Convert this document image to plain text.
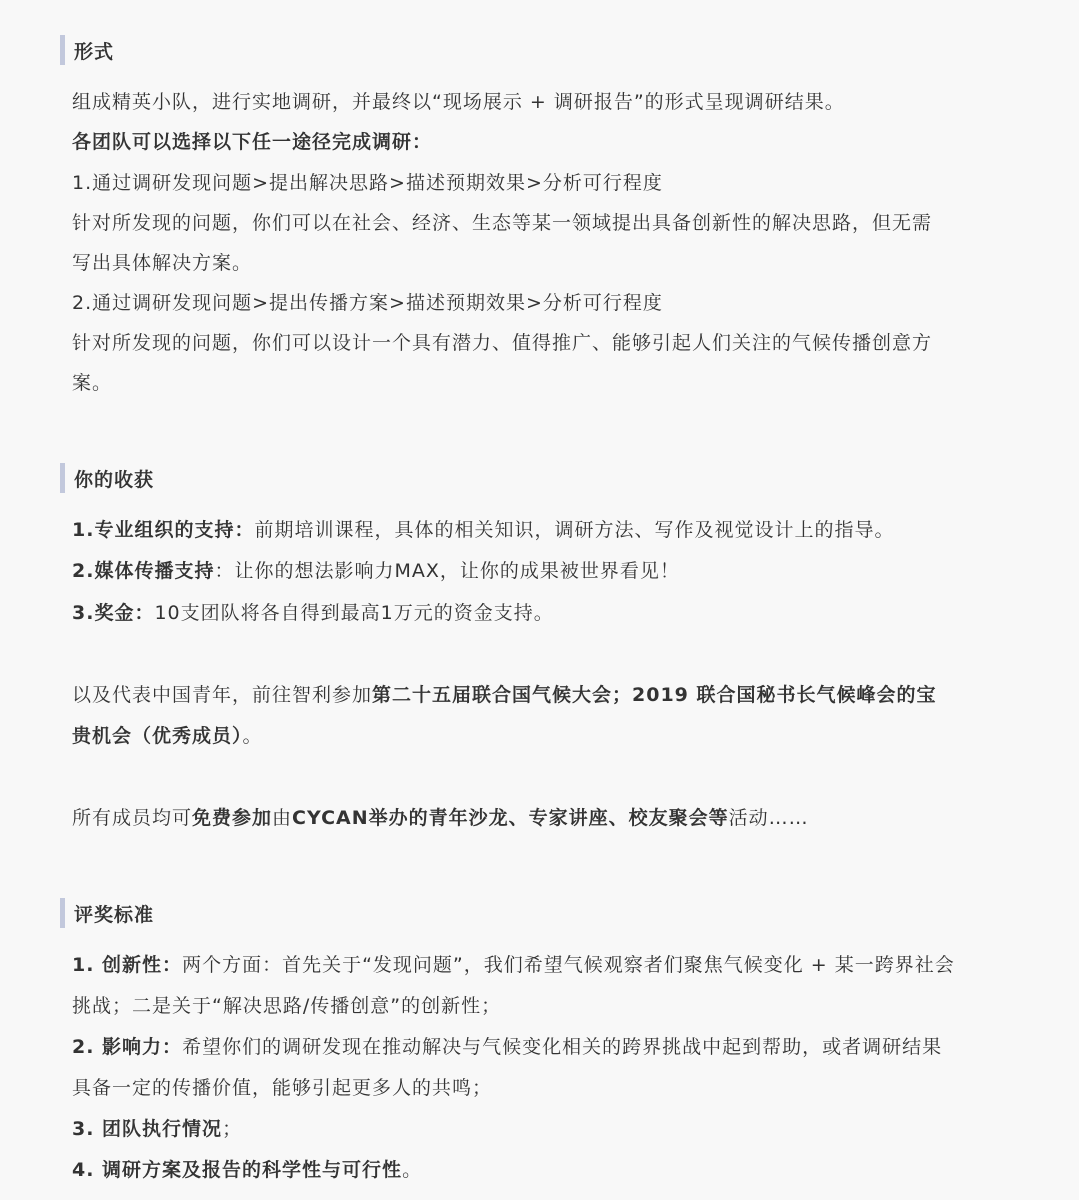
形式
组成精英小队，进行实地调研，并最终以“现场展示 + 调研报告”的形式呈现调研结果。
各团队可以选择以下任一途径完成调研：
1.通过调研发现问题>提出解决思路>描述预期效果>分析可行程度
针对所发现的问题，你们可以在社会、经济、生态等某一领域提出具备创新性的解决思路，但无需
写出具体解决方案。
2.通过调研发现问题>提出传播方案>描述预期效果>分析可行程度
针对所发现的问题，你们可以设计一个具有潜力、值得推广、能够引起人们关注的气候传播创意方
案。
你的收获
1.专业组织的支持：前期培训课程，具体的相关知识，调研方法、写作及视觉设计上的指导。
2.媒体传播支持：让你的想法影响力MAX，让你的成果被世界看见！
3.奖金：10支团队将各自得到最高1万元的资金支持。
以及代表中国青年，前往智利参加第二十五届联合国气候大会；2019 联合国秘书长气候峰会的宝
贵机会（优秀成员）。
所有成员均可免费参加由CYCAN举办的青年沙龙、专家讲座、校友聚会等活动……
评奖标准
1. 创新性：两个方面：首先关于“发现问题”，我们希望气候观察者们聚焦气候变化 + 某一跨界社会
挑战；二是关于“解决思路/传播创意”的创新性；
2. 影响力：希望你们的调研发现在推动解决与气候变化相关的跨界挑战中起到帮助，或者调研结果
具备一定的传播价值，能够引起更多人的共鸣；
3. 团队执行情况；
4. 调研方案及报告的科学性与可行性。
